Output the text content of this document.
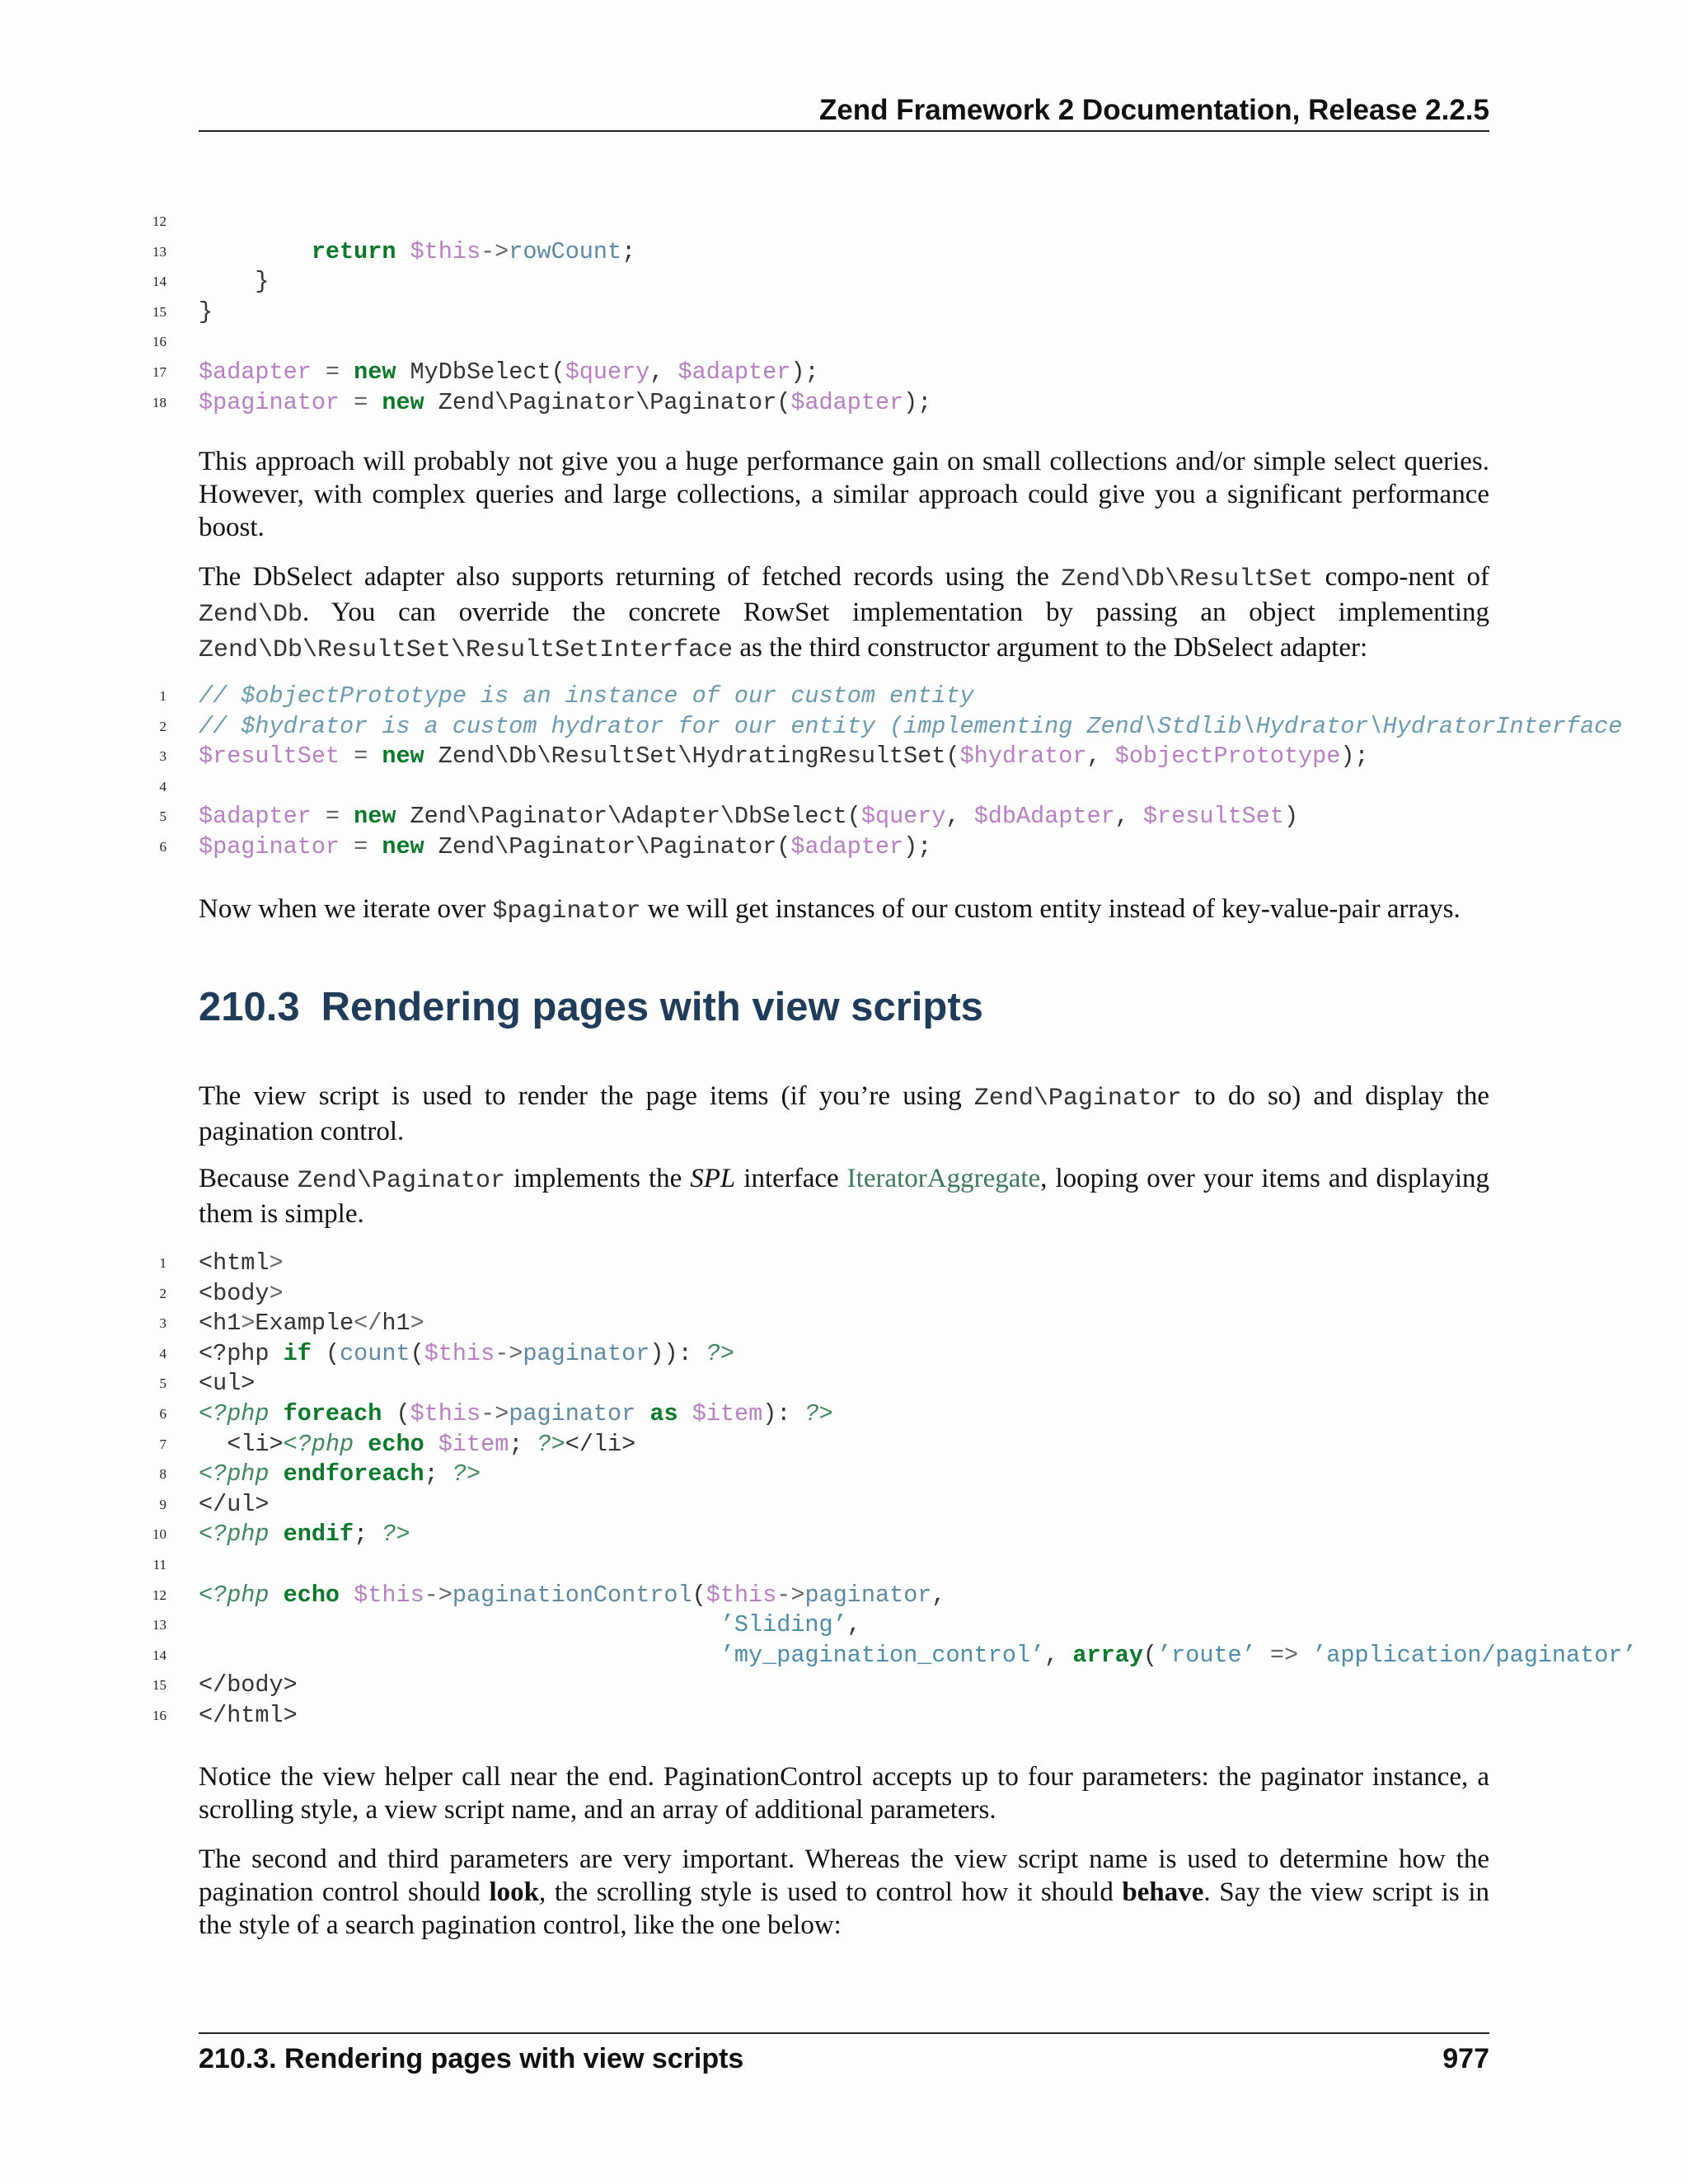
Zend Framework 2 Documentation, Release 2.2.5
12
13	return $this->rowCount;
14	}
15 }
16
17 $adapter = new MyDbSelect($query, $adapter);
18 $paginator = new Zend\Paginator\Paginator($adapter);

This approach will probably not give you a huge performance gain on small collections and/or simple select queries. However, with complex queries and large collections, a similar approach could give you a significant performance boost.

The DbSelect adapter also supports returning of fetched records using the Zend\Db\ResultSet compo-nent of Zend\Db. You can override the concrete RowSet implementation by passing an object implementing Zend\Db\ResultSet\ResultSetInterface as the third constructor argument to the DbSelect adapter:

1 // $objectPrototype is an instance of our custom entity
2 // $hydrator is a custom hydrator for our entity (implementing Zend\Stdlib\Hydrator\HydratorInterface
3 $resultSet = new Zend\Db\ResultSet\HydratingResultSet($hydrator, $objectPrototype);
4
5 $adapter = new Zend\Paginator\Adapter\DbSelect($query, $dbAdapter, $resultSet)
6 $paginator = new Zend\Paginator\Paginator($adapter);

Now when we iterate over $paginator we will get instances of our custom entity instead of key-value-pair arrays.

210.3 Rendering pages with view scripts

The view script is used to render the page items (if you’re using Zend\Paginator to do so) and display the pagination control.

Because Zend\Paginator implements the SPL interface IteratorAggregate, looping over your items and displaying them is simple.

1 <html>
2 <body>
3 <h1>Example</h1>
4 <?php if (count($this->paginator)): ?>
5 <ul>
6 <?php foreach ($this->paginator as $item): ?>
7	<li><?php echo $item; ?></li>
8 <?php endforeach; ?>
9 </ul>
10 <?php endif; ?>
11
12 <?php echo $this->paginationControl($this->paginator,
13	’Sliding’,
14	’my_pagination_control’, array(’route’ => ’application/paginator’
15 </body>
16 </html>

Notice the view helper call near the end. PaginationControl accepts up to four parameters: the paginator instance, a scrolling style, a view script name, and an array of additional parameters.

The second and third parameters are very important. Whereas the view script name is used to determine how the pagination control should look, the scrolling style is used to control how it should behave. Say the view script is in the style of a search pagination control, like the one below:

210.3. Rendering pages with view scripts	977
